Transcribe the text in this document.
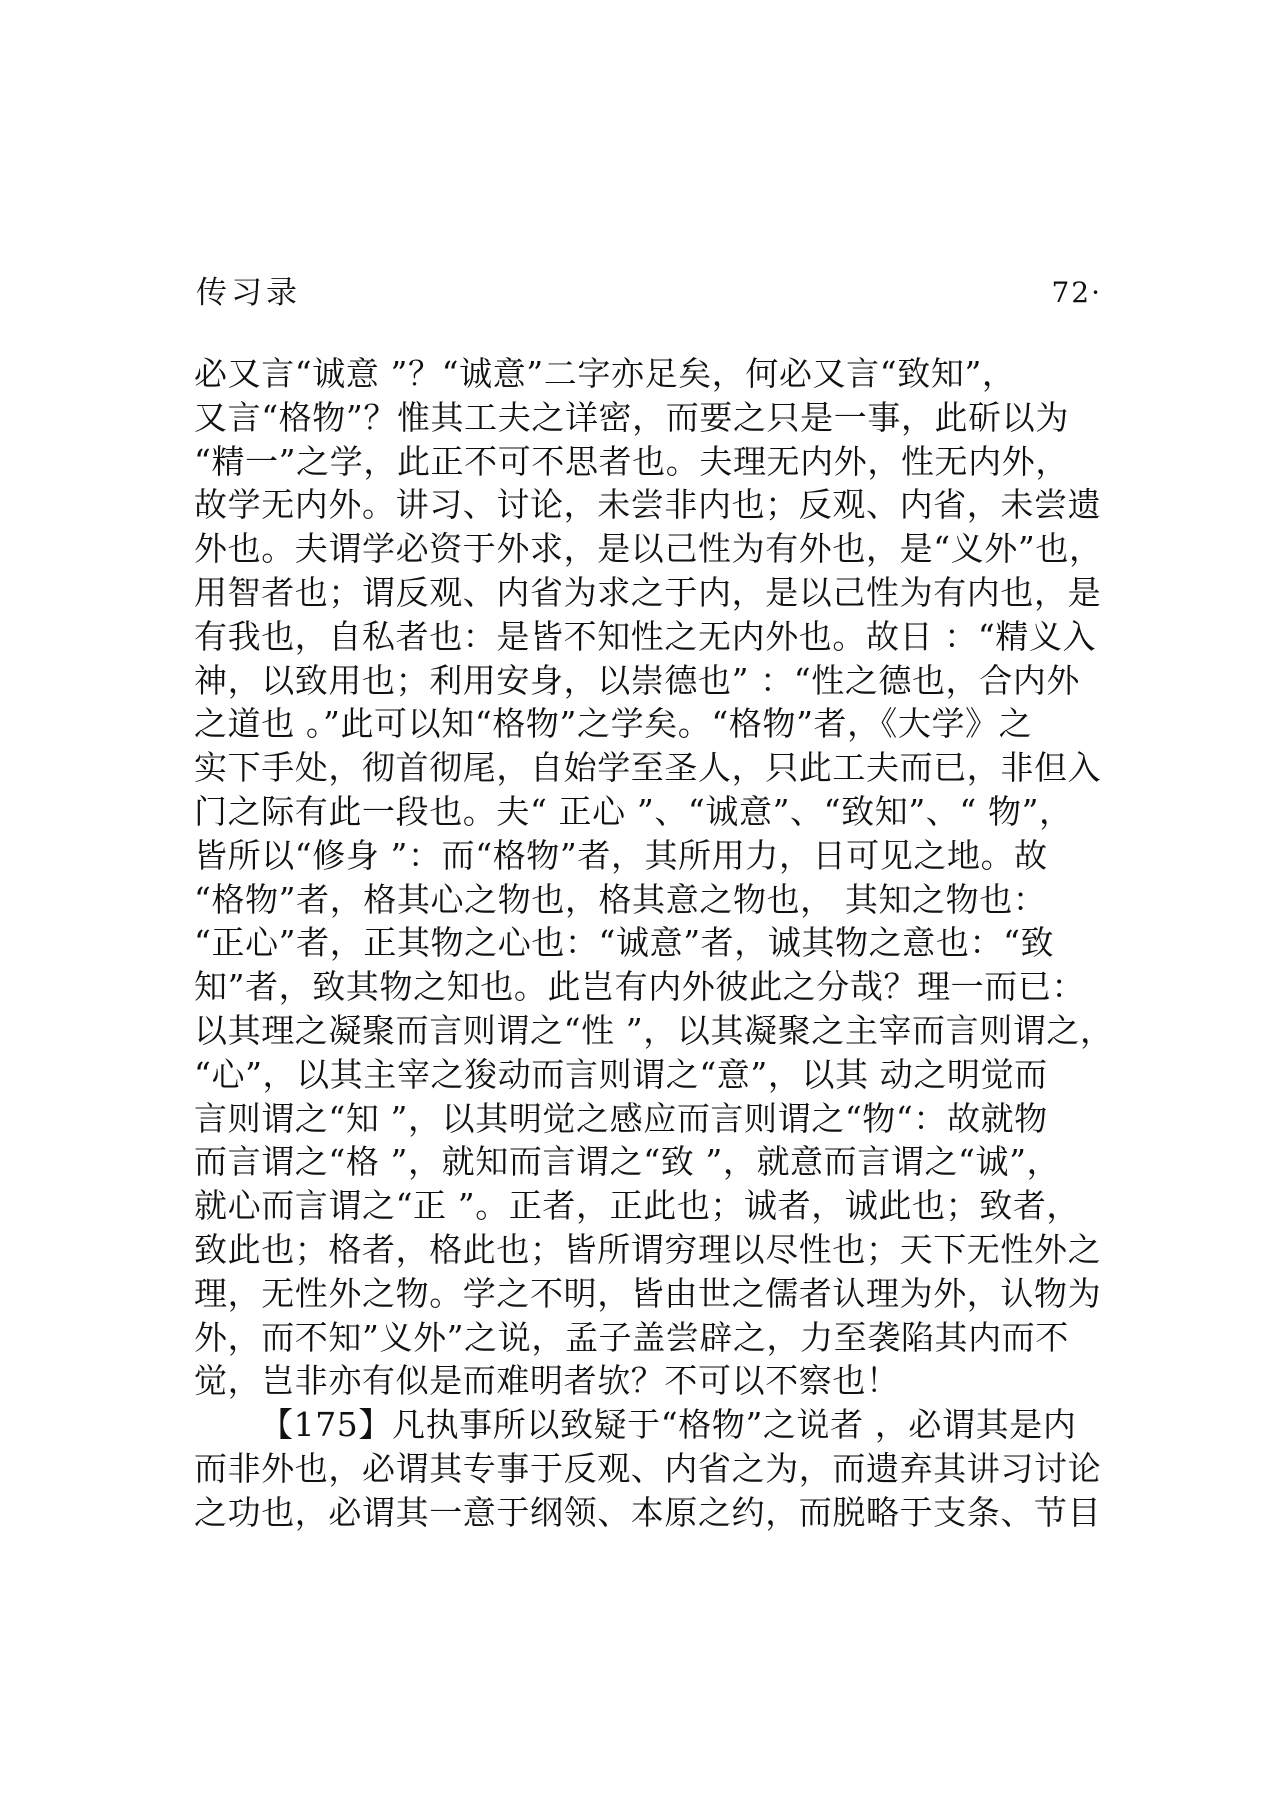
传习录	72·
必又言“诚意 ”？“诚意”二字亦足矣，何必又言“致知”，
又言“格物”？惟其工夫之详密，而要之只是一事，此斫以为
“精一”之学，此正不可不思者也。夫理无内外，性无内外，
故学无内外。讲习、讨论，未尝非内也；反观、内省，未尝遗
外也。夫谓学必资于外求，是以己性为有外也，是“义外”也，
用智者也；谓反观、内省为求之于内，是以己性为有内也，是
有我也，自私者也：是皆不知性之无内外也。故日 ：“精义入
神，以致用也；利用安身，以崇德也” ：“性之德也，合内外
之道也 。”此可以知“格物”之学矣。“格物”者，《大学》之
实下手处，彻首彻尾，自始学至圣人，只此工夫而已，非但入
门之际有此一段也。夫“ 正心 ”、“诚意”、“致知”、“ 物”，
皆所以“修身 ”：而“格物”者，其所用力，日可见之地。故
“格物”者，格其心之物也，格其意之物也， 其知之物也：
“正心”者，正其物之心也：“诚意”者，诚其物之意也：“致
知”者，致其物之知也。此岂有内外彼此之分哉？理一而已：
以其理之凝聚而言则谓之“性 ”，以其凝聚之主宰而言则谓之，
“心”，以其主宰之狻动而言则谓之“意”，以其 动之明觉而
言则谓之“知 ”，以其明觉之感应而言则谓之“物“：故就物
而言谓之“格 ”，就知而言谓之“致 ”，就意而言谓之“诚”，
就心而言谓之“正 ”。正者，正此也；诚者，诚此也；致者，
致此也；格者，格此也；皆所谓穷理以尽性也；天下无性外之
理，无性外之物。学之不明，皆由世之儒者认理为外，认物为
外，而不知”义外”之说，孟子盖尝辟之，力至袭陷其内而不
觉，岂非亦有似是而难明者欤？不可以不察也！
【175】凡执事所以致疑于“格物”之说者 ，必谓其是内
而非外也，必谓其专事于反观、内省之为，而遗弃其讲习讨论
之功也，必谓其一意于纲领、本原之约，而脱略于支条、节目
